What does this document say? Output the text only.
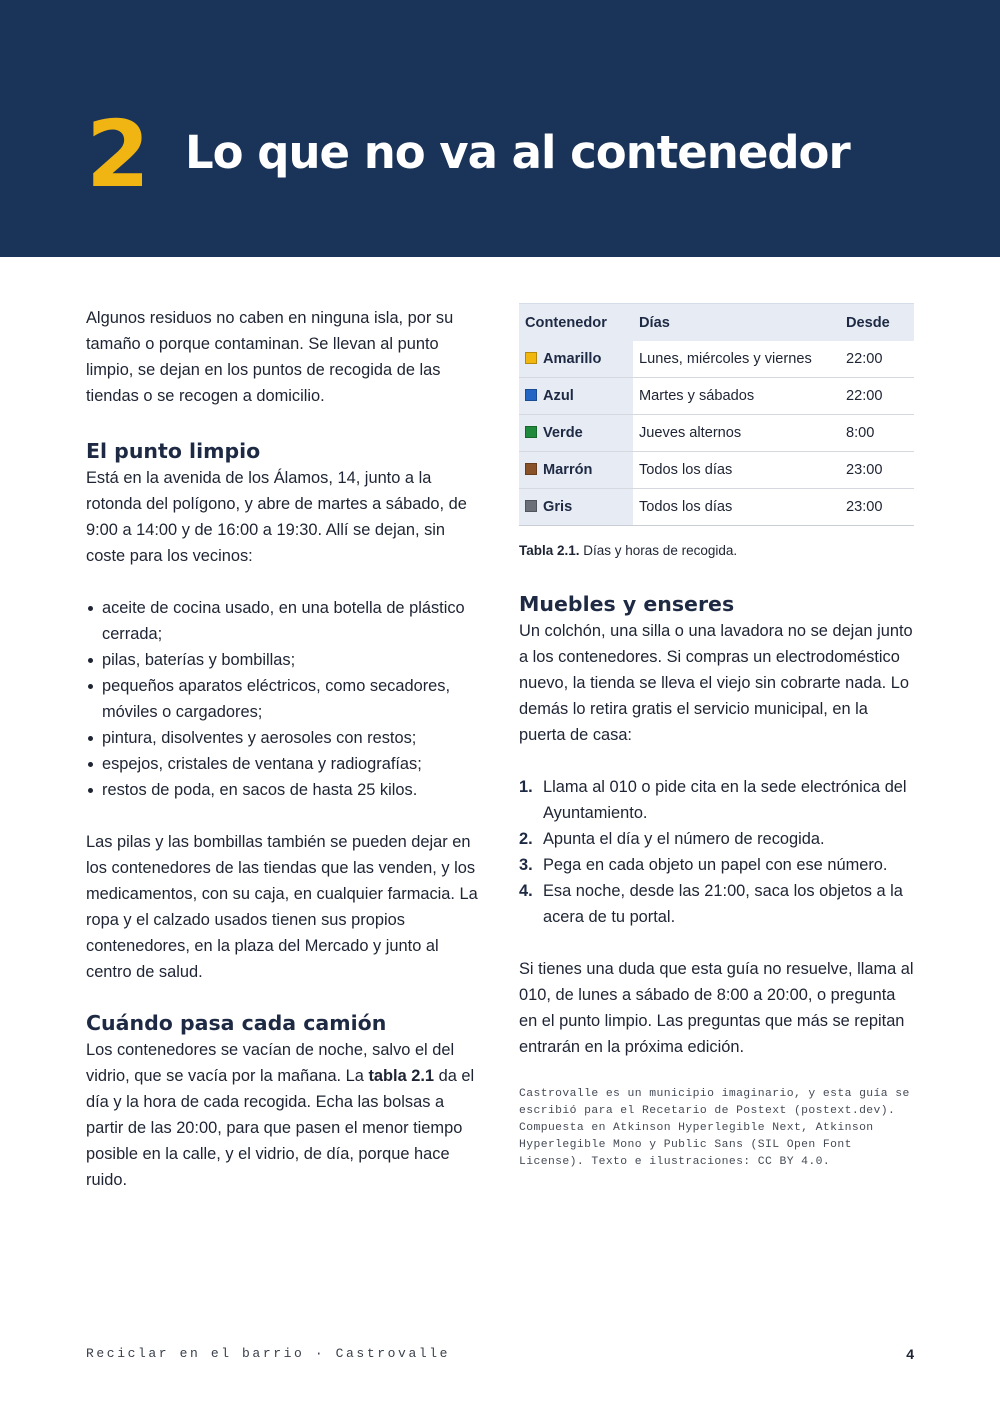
2 Lo que no va al contenedor

Algunos residuos no caben en ninguna isla, por su tamaño o porque contaminan. Se llevan al punto limpio, se dejan en los puntos de recogida de las tiendas o se recogen a domicilio.

El punto limpio

Está en la avenida de los Álamos, 14, junto a la rotonda del polígono, y abre de martes a sábado, de 9:00 a 14:00 y de 16:00 a 19:30. Allí se dejan, sin coste para los vecinos:

aceite de cocina usado, en una botella de plástico cerrada;
pilas, baterías y bombillas;
pequeños aparatos eléctricos, como secadores, móviles o cargadores;
pintura, disolventes y aerosoles con restos;
espejos, cristales de ventana y radiografías;
restos de poda, en sacos de hasta 25 kilos.

Las pilas y las bombillas también se pueden dejar en los contenedores de las tiendas que las venden, y los medicamentos, con su caja, en cualquier farmacia. La ropa y el calzado usados tienen sus propios contenedores, en la plaza del Mercado y junto al centro de salud.

Cuándo pasa cada camión

Los contenedores se vacían de noche, salvo el del vidrio, que se vacía por la mañana. La tabla 2.1 da el día y la hora de cada recogida. Echa las bolsas a partir de las 20:00, para que pasen el menor tiempo posible en la calle, y el vidrio, de día, porque hace ruido.

Contenedor	Días	Desde
Amarillo	Lunes, miércoles y viernes	22:00
Azul	Martes y sábados	22:00
Verde	Jueves alternos	8:00
Marrón	Todos los días	23:00
Gris	Todos los días	23:00
Tabla 2.1. Días y horas de recogida.
Muebles y enseres

Un colchón, una silla o una lavadora no se dejan junto a los contenedores. Si compras un electrodoméstico nuevo, la tienda se lleva el viejo sin cobrarte nada. Lo demás lo retira gratis el servicio municipal, en la puerta de casa:

1. Llama al 010 o pide cita en la sede electrónica del Ayuntamiento.
2. Apunta el día y el número de recogida.
3. Pega en cada objeto un papel con ese número.
4. Esa noche, desde las 21:00, saca los objetos a la acera de tu portal.

Si tienes una duda que esta guía no resuelve, llama al 010, de lunes a sábado de 8:00 a 20:00, o pregunta en el punto limpio. Las preguntas que más se repitan entrarán en la próxima edición.

Castrovalle es un municipio imaginario, y esta guía se escribió para el Recetario de Postext (postext.dev). Compuesta en Atkinson Hyperlegible Next, Atkinson Hyperlegible Mono y Public Sans (SIL Open Font License). Texto e ilustraciones: CC BY 4.0.

Reciclar en el barrio · Castrovalle	4
